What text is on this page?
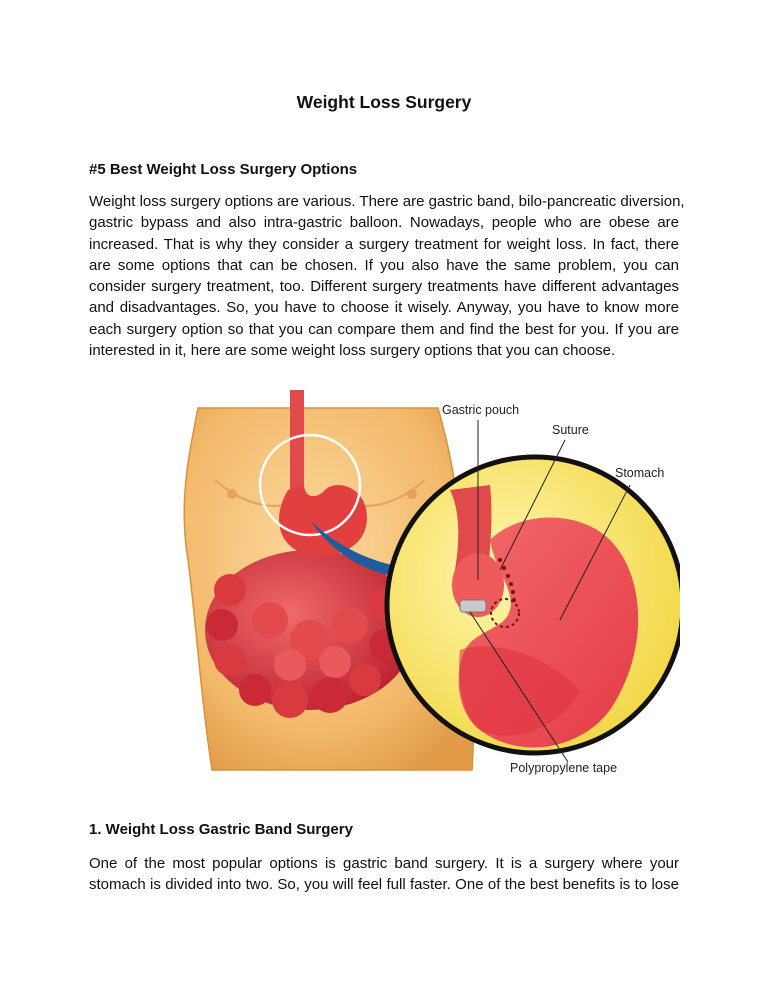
Weight Loss Surgery
#5 Best Weight Loss Surgery Options
Weight loss surgery options are various. There are gastric band, bilo-pancreatic diversion,
gastric bypass and also intra-gastric balloon. Nowadays, people who are obese are
increased. That is why they consider a surgery treatment for weight loss. In fact, there
are some options that can be chosen. If you also have the same problem, you can
consider surgery treatment, too. Different surgery treatments have different advantages
and disadvantages. So, you have to choose it wisely. Anyway, you have to know more
each surgery option so that you can compare them and find the best for you. If you are
interested in it, here are some weight loss surgery options that you can choose.
Gastric pouch
Suture
Stomach
Polypropylene tape
1. Weight Loss Gastric Band Surgery
One of the most popular options is gastric band surgery. It is a surgery where your
stomach is divided into two. So, you will feel full faster. One of the best benefits is to lose
